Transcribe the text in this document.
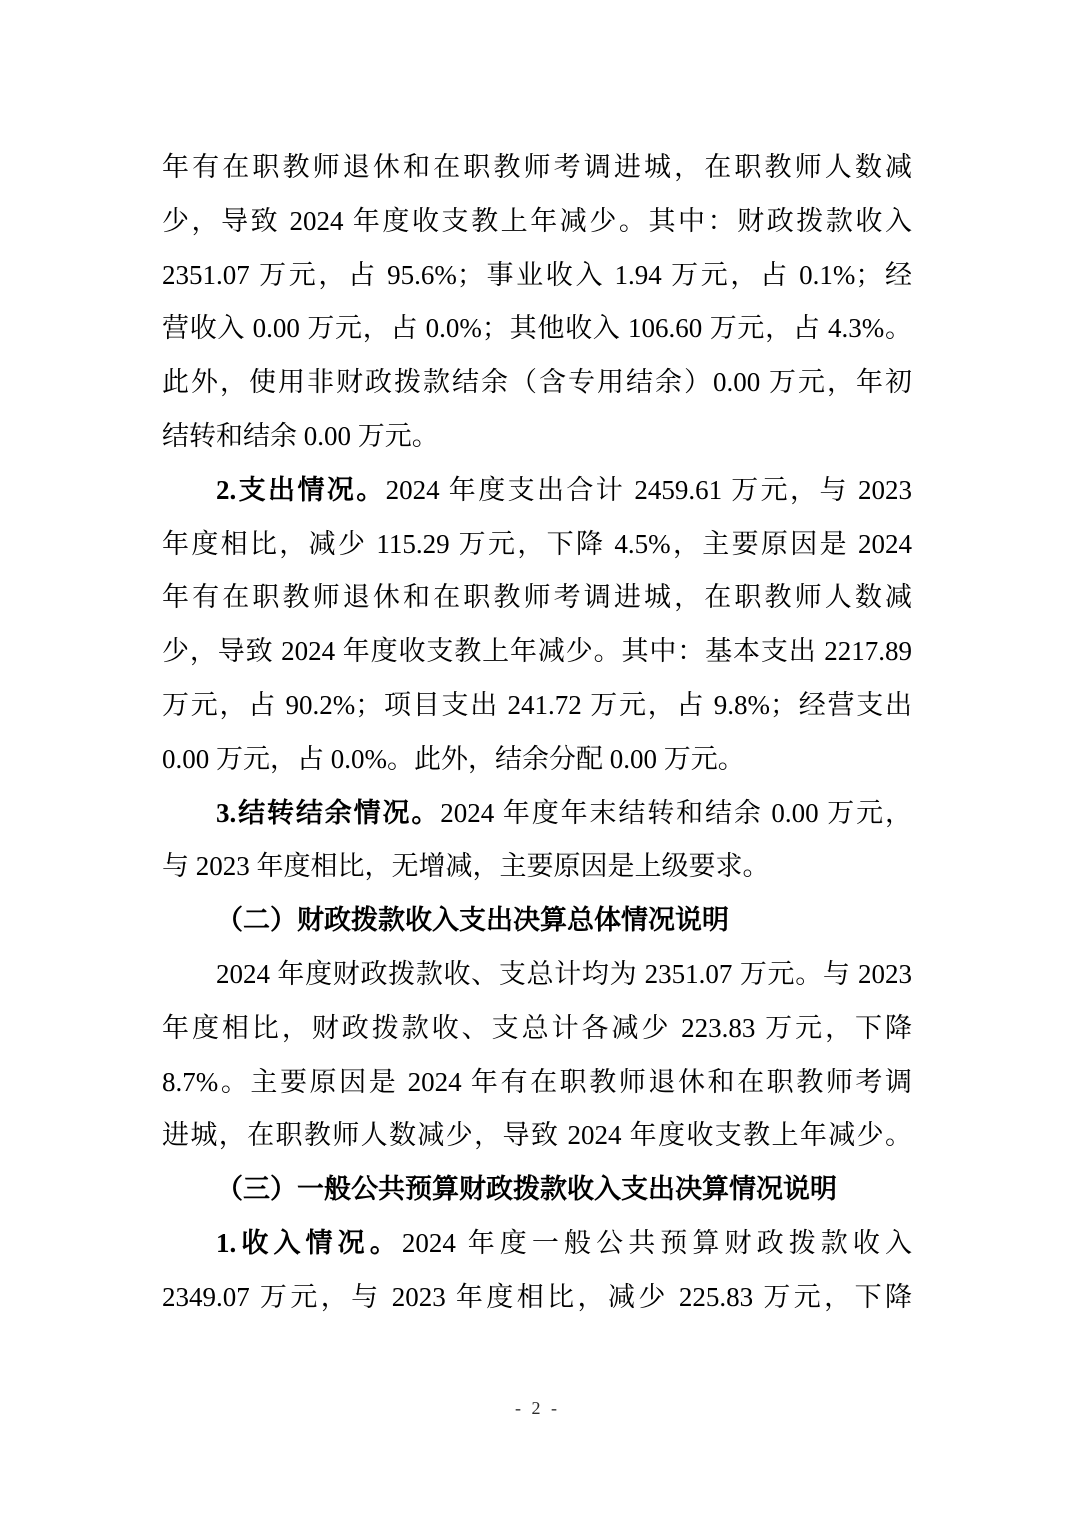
年有在职教师退休和在职教师考调进城，在职教师人数减
少，导致 2024 年度收支教上年减少。其中：财政拨款收入
2351.07 万元，占 95.6%；事业收入 1.94 万元，占 0.1%；经
营收入 0.00 万元，占 0.0%；其他收入 106.60 万元，占 4.3%。
此外，使用非财政拨款结余（含专用结余）0.00 万元，年初
结转和结余 0.00 万元。
2.支出情况。2024 年度支出合计 2459.61 万元，与 2023
年度相比，减少 115.29 万元，下降 4.5%，主要原因是 2024
年有在职教师退休和在职教师考调进城，在职教师人数减
少，导致 2024 年度收支教上年减少。其中：基本支出 2217.89
万元，占 90.2%；项目支出 241.72 万元，占 9.8%；经营支出
0.00 万元，占 0.0%。此外，结余分配 0.00 万元。
3.结转结余情况。2024 年度年末结转和结余 0.00 万元，
与 2023 年度相比，无增减，主要原因是上级要求。
（二）财政拨款收入支出决算总体情况说明
2024 年度财政拨款收、支总计均为 2351.07 万元。与 2023
年度相比，财政拨款收、支总计各减少 223.83 万元，下降
8.7%。主要原因是 2024 年有在职教师退休和在职教师考调
进城，在职教师人数减少，导致 2024 年度收支教上年减少。
（三）一般公共预算财政拨款收入支出决算情况说明
1.收入情况。2024 年度一般公共预算财政拨款收入
2349.07 万元，与 2023 年度相比，减少 225.83 万元，下降
- 2 -
